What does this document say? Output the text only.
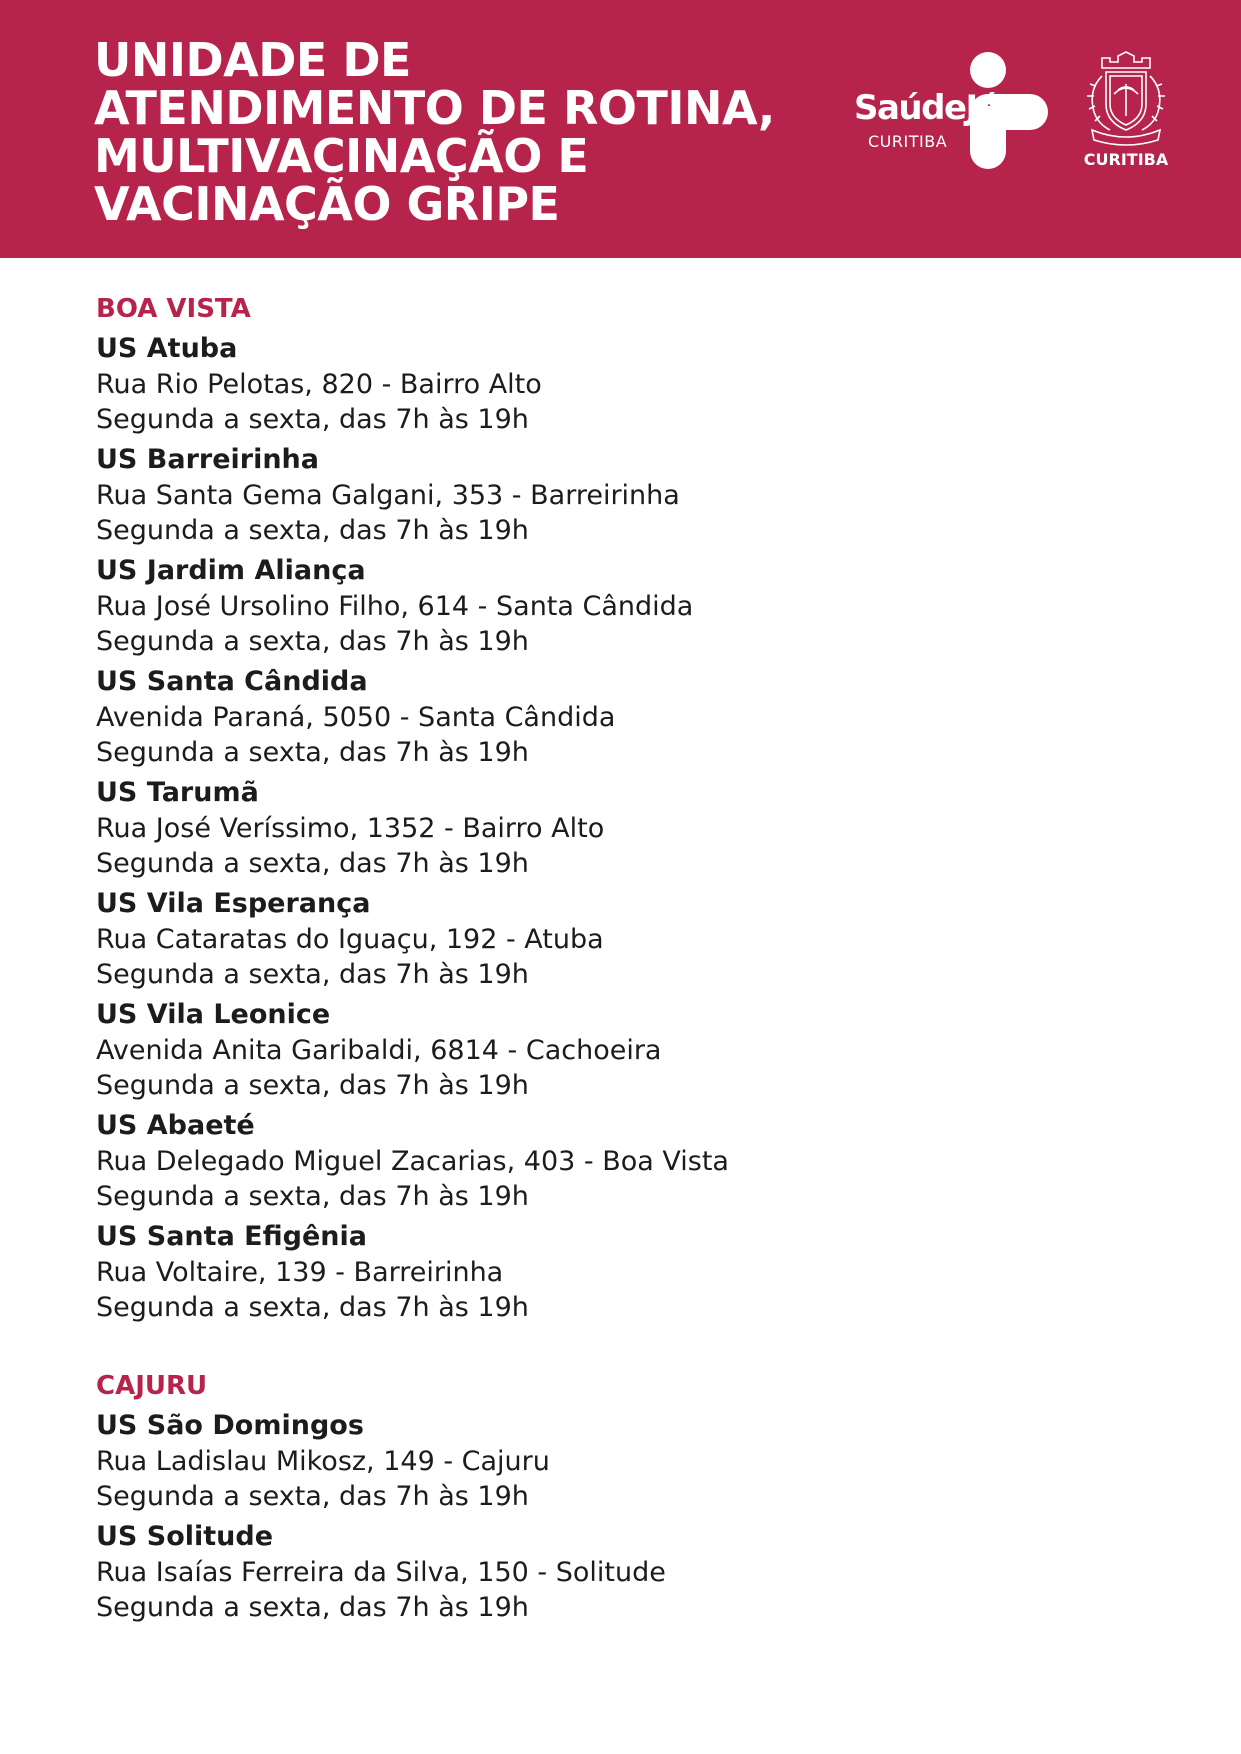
UNIDADE DE
ATENDIMENTO DE ROTINA,
MULTIVACINAÇÃO E
VACINAÇÃO GRIPE
SaúdeJá
CURITIBA
CURITIBA
BOA VISTA
US Atuba
Rua Rio Pelotas, 820 - Bairro Alto
Segunda a sexta, das 7h às 19h
US Barreirinha
Rua Santa Gema Galgani, 353 - Barreirinha
Segunda a sexta, das 7h às 19h
US Jardim Aliança
Rua José Ursolino Filho, 614 - Santa Cândida
Segunda a sexta, das 7h às 19h
US Santa Cândida
Avenida Paraná, 5050 - Santa Cândida
Segunda a sexta, das 7h às 19h
US Tarumã
Rua José Veríssimo, 1352 - Bairro Alto
Segunda a sexta, das 7h às 19h
US Vila Esperança
Rua Cataratas do Iguaçu, 192 - Atuba
Segunda a sexta, das 7h às 19h
US Vila Leonice
Avenida Anita Garibaldi, 6814 - Cachoeira
Segunda a sexta, das 7h às 19h
US Abaeté
Rua Delegado Miguel Zacarias, 403 - Boa Vista
Segunda a sexta, das 7h às 19h
US Santa Efigênia
Rua Voltaire, 139 - Barreirinha
Segunda a sexta, das 7h às 19h
CAJURU
US São Domingos
Rua Ladislau Mikosz, 149 - Cajuru
Segunda a sexta, das 7h às 19h
US Solitude
Rua Isaías Ferreira da Silva, 150 - Solitude
Segunda a sexta, das 7h às 19h
